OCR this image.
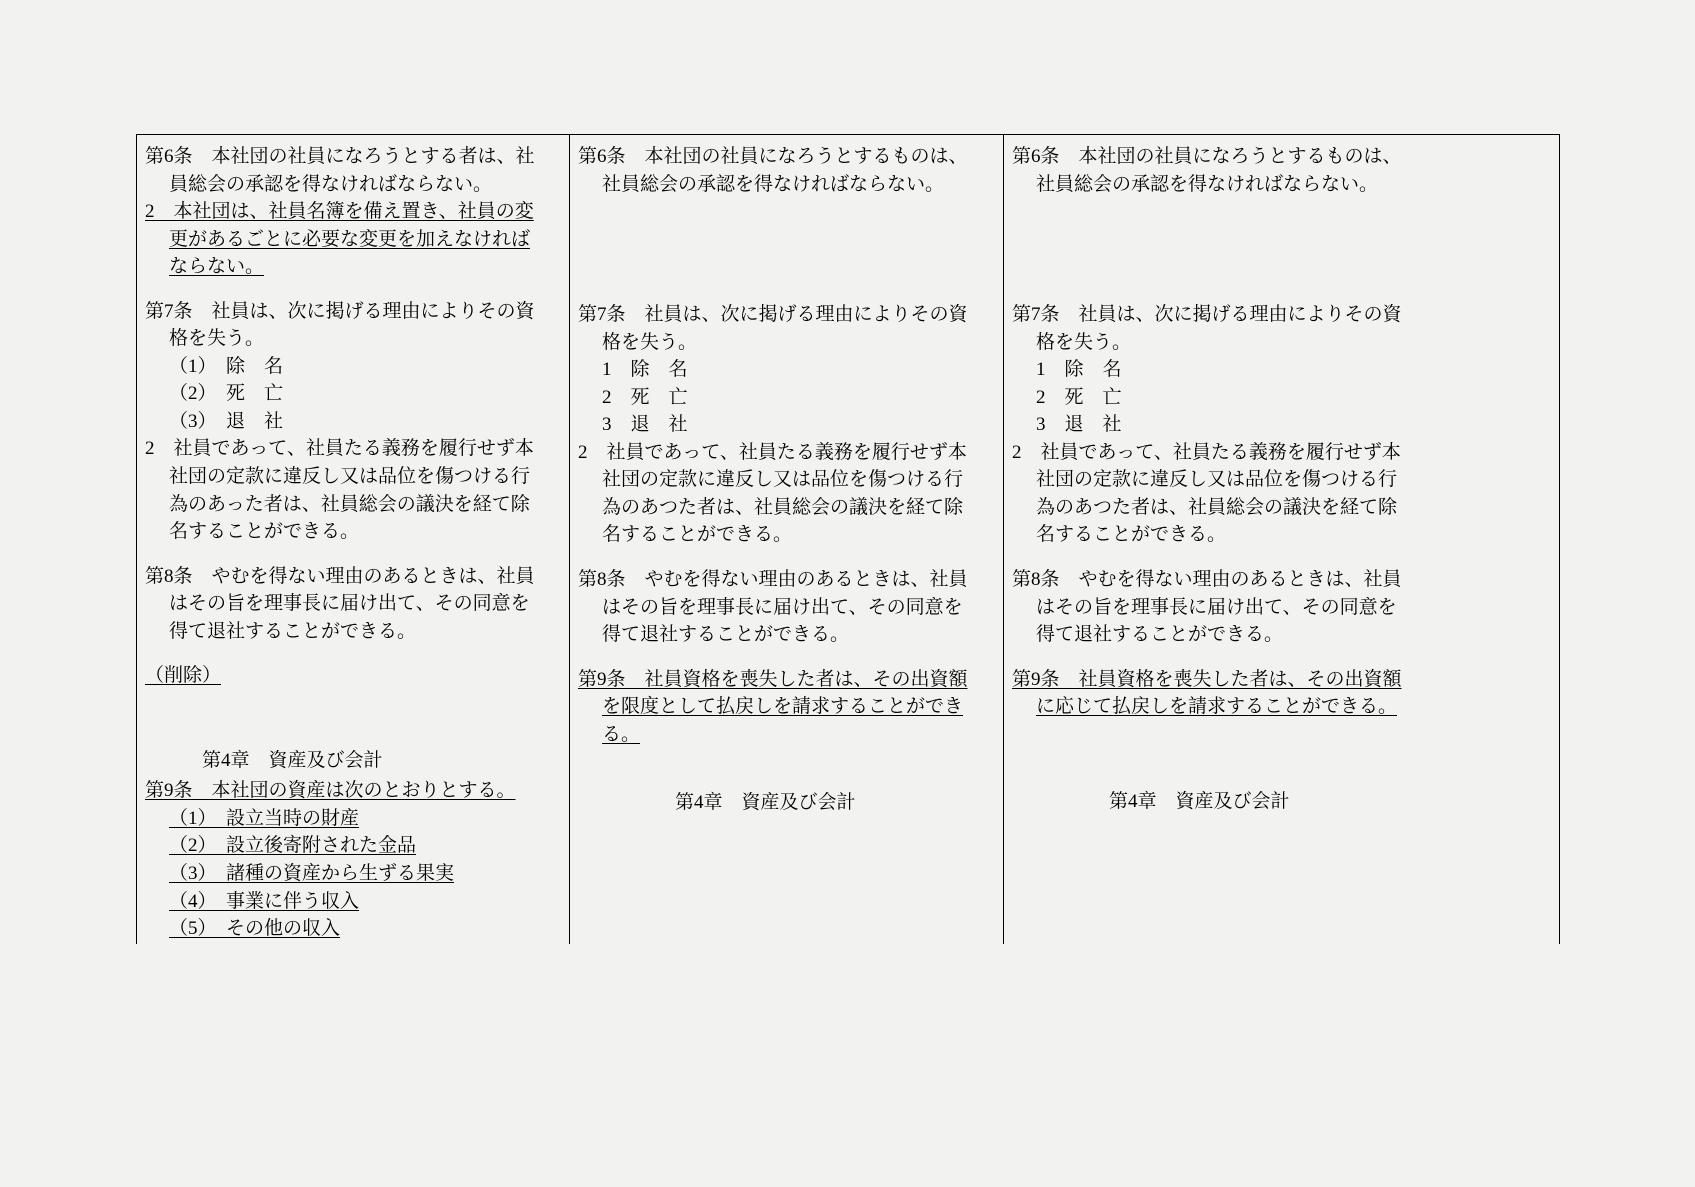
第6条　本社団の社員になろうとする者は、社

員総会の承認を得なければならない。

2　本社団は、社員名簿を備え置き、社員の変

更があるごとに必要な変更を加えなければ

ならない。

第7条　社員は、次に掲げる理由によりその資

格を失う。

（1）　除　名

（2）　死　亡

（3）　退　社

2　社員であって、社員たる義務を履行せず本

社団の定款に違反し又は品位を傷つける行

為のあった者は、社員総会の議決を経て除

名することができる。

第8条　やむを得ない理由のあるときは、社員

はその旨を理事長に届け出て、その同意を

得て退社することができる。

（削除）

　　　第4章　資産及び会計

第9条　本社団の資産は次のとおりとする。

（1）　設立当時の財産

（2）　設立後寄附された金品

（3）　諸種の資産から生ずる果実

（4）　事業に伴う収入

（5）　その他の収入

第6条　本社団の社員になろうとするものは、

社員総会の承認を得なければならない。

第7条　社員は、次に掲げる理由によりその資

格を失う。

1　除　名

2　死　亡

3　退　社

2　社員であって、社員たる義務を履行せず本

社団の定款に違反し又は品位を傷つける行

為のあつた者は、社員総会の議決を経て除

名することができる。

第8条　やむを得ない理由のあるときは、社員

はその旨を理事長に届け出て、その同意を

得て退社することができる。

第9条　社員資格を喪失した者は、その出資額

を限度として払戻しを請求することができ

る。

　　　第4章　資産及び会計

第6条　本社団の社員になろうとするものは、

社員総会の承認を得なければならない。

第7条　社員は、次に掲げる理由によりその資

格を失う。

1　除　名

2　死　亡

3　退　社

2　社員であって、社員たる義務を履行せず本

社団の定款に違反し又は品位を傷つける行

為のあつた者は、社員総会の議決を経て除

名することができる。

第8条　やむを得ない理由のあるときは、社員

はその旨を理事長に届け出て、その同意を

得て退社することができる。

第9条　社員資格を喪失した者は、その出資額

に応じて払戻しを請求することができる。

　　　第4章　資産及び会計
